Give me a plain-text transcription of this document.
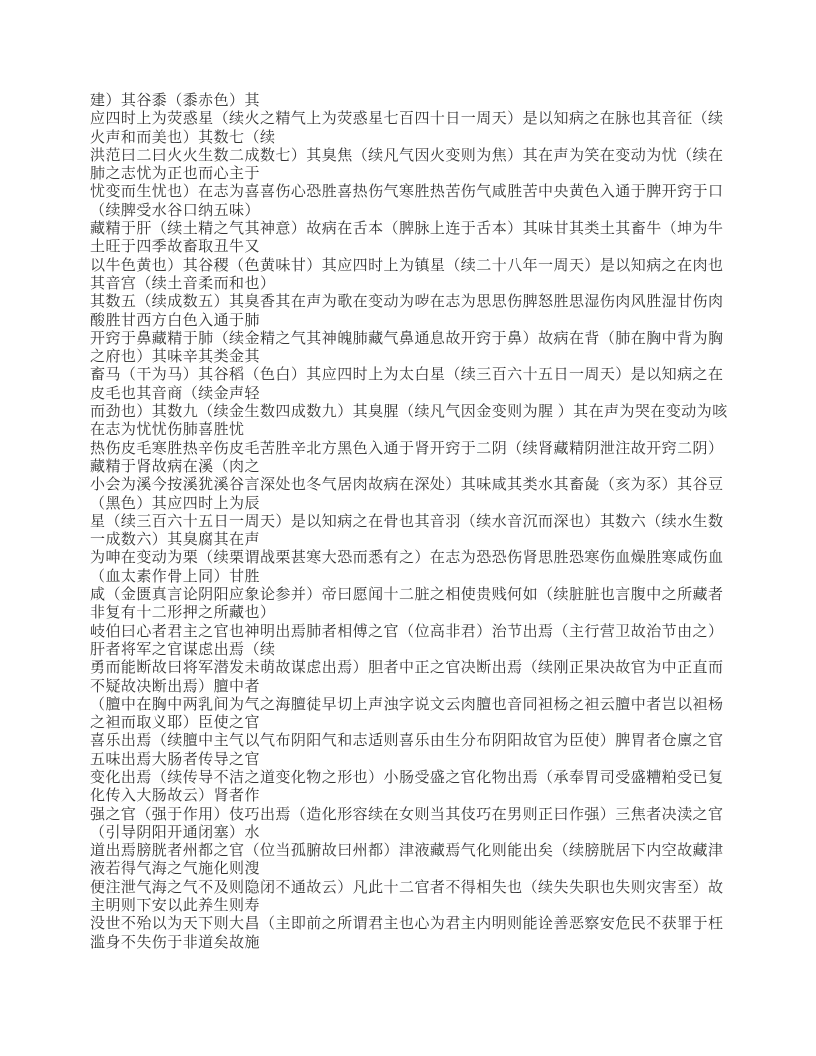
建）其谷黍（黍赤色）其
应四时上为荧惑星（续火之精气上为荧惑星七百四十日一周天）是以知病之在脉也其音征（续
火声和而美也）其数七（续
洪范曰二曰火火生数二成数七）其臭焦（续凡气因火变则为焦）其在声为笑在变动为忧（续在
肺之志忧为正也而心主于
忧变而生忧也）在志为喜喜伤心恐胜喜热伤气寒胜热苦伤气咸胜苦中央黄色入通于脾开窍于口
（续脾受水谷口纳五味）
藏精于肝（续土精之气其神意）故病在舌本（脾脉上连于舌本）其味甘其类土其畜牛（坤为牛
土旺于四季故畜取丑牛又
以牛色黄也）其谷稷（色黄味甘）其应四时上为镇星（续二十八年一周天）是以知病之在肉也
其音宫（续土音柔而和也）
其数五（续成数五）其臭香其在声为歌在变动为哕在志为思思伤脾怒胜思湿伤肉风胜湿甘伤肉
酸胜甘西方白色入通于肺
开窍于鼻藏精于肺（续金精之气其神魄肺藏气鼻通息故开窍于鼻）故病在背（肺在胸中背为胸
之府也）其味辛其类金其
畜马（干为马）其谷稻（色白）其应四时上为太白星（续三百六十五日一周天）是以知病之在
皮毛也其音商（续金声轻
而劲也）其数九（续金生数四成数九）其臭腥（续凡气因金变则为腥 ）其在声为哭在变动为咳
在志为忧忧伤肺喜胜忧
热伤皮毛寒胜热辛伤皮毛苦胜辛北方黑色入通于肾开窍于二阴（续肾藏精阴泄注故开窍二阴）
藏精于肾故病在溪（肉之
小会为溪今按溪犹溪谷言深处也冬气居肉故病在深处）其味咸其类水其畜彘（亥为豕）其谷豆
（黑色）其应四时上为辰
星（续三百六十五日一周天）是以知病之在骨也其音羽（续水音沉而深也）其数六（续水生数
一成数六）其臭腐其在声
为呻在变动为栗（续栗谓战栗甚寒大恐而悉有之）在志为恐恐伤肾思胜恐寒伤血燥胜寒咸伤血
（血太素作骨上同）甘胜
咸（金匮真言论阴阳应象论参并）帝曰愿闻十二脏之相使贵贱何如（续脏脏也言腹中之所藏者
非复有十二形押之所藏也）
岐伯曰心者君主之官也神明出焉肺者相傅之官（位高非君）治节出焉（主行营卫故治节由之）
肝者将军之官谋虑出焉（续
勇而能断故曰将军潜发未萌故谋虑出焉）胆者中正之官决断出焉（续刚正果决故官为中正直而
不疑故决断出焉）膻中者
（膻中在胸中两乳间为气之海膻徒早切上声浊字说文云肉膻也音同袒杨之袒云膻中者岂以袒杨
之袒而取义耶）臣使之官
喜乐出焉（续膻中主气以气布阴阳气和志适则喜乐由生分布阴阳故官为臣使）脾胃者仓廪之官
五味出焉大肠者传导之官
变化出焉（续传导不洁之道变化物之形也）小肠受盛之官化物出焉（承奉胃司受盛糟粕受已复
化传入大肠故云）肾者作
强之官（强于作用）伎巧出焉（造化形容续在女则当其伎巧在男则正曰作强）三焦者决渎之官
（引导阴阳开通闭塞）水
道出焉膀胱者州都之官（位当孤腑故曰州都）津液藏焉气化则能出矣（续膀胱居下内空故藏津
液若得气海之气施化则溲
便注泄气海之气不及则隐闭不通故云）凡此十二官者不得相失也（续失失职也失则灾害至）故
主明则下安以此养生则寿
没世不殆以为天下则大昌（主即前之所谓君主也心为君主内明则能诠善恶察安危民不获罪于枉
滥身不失伤于非道矣故施
